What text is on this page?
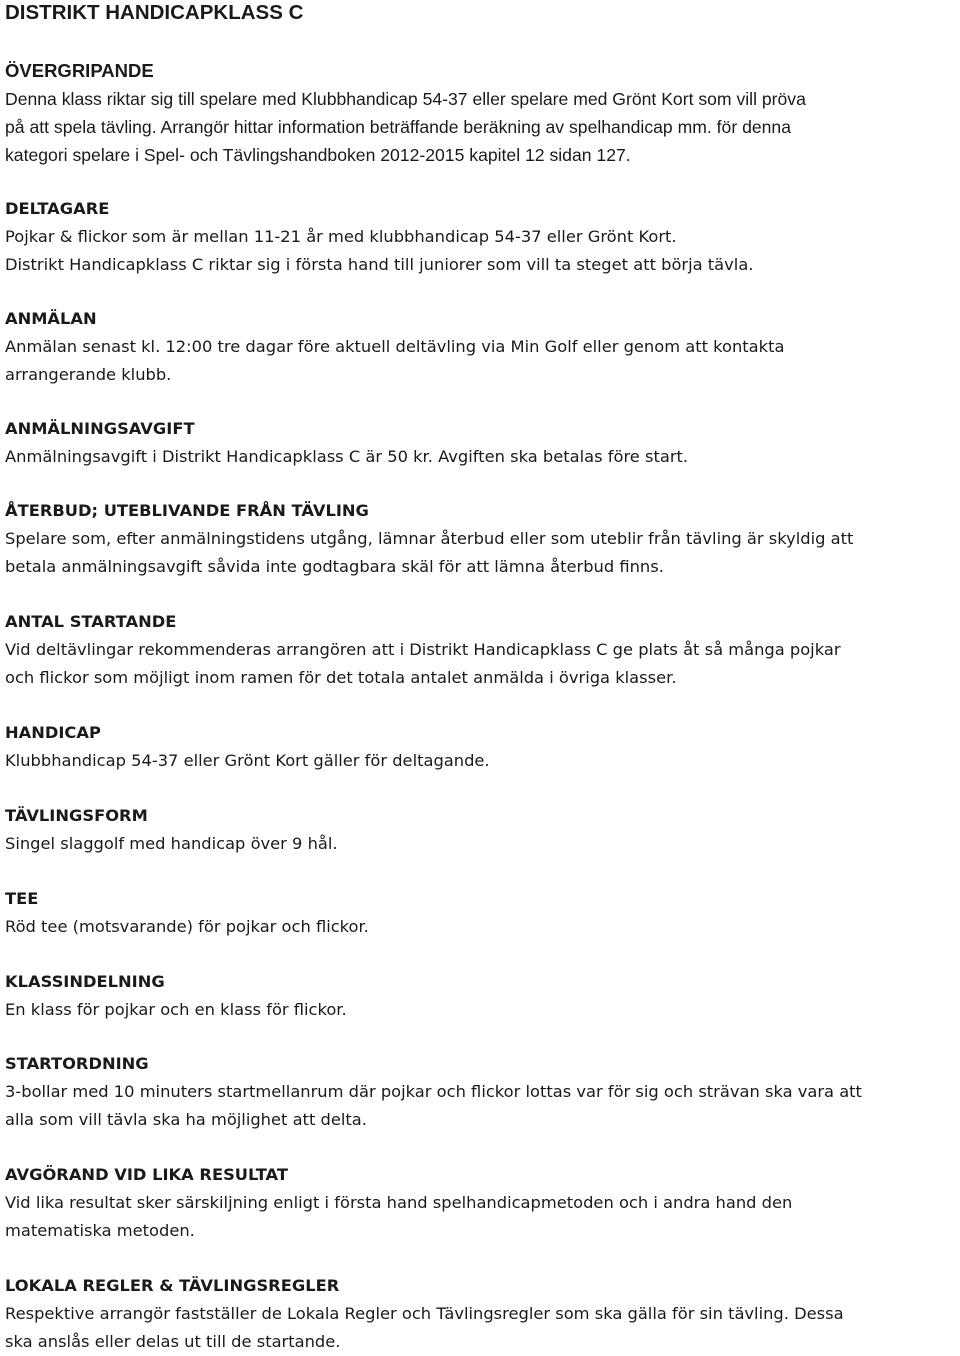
DISTRIKT HANDICAPKLASS C
ÖVERGRIPANDE

Denna klass riktar sig till spelare med Klubbhandicap 54-37 eller spelare med Grönt Kort som vill pröva
på att spela tävling. Arrangör hittar information beträffande beräkning av spelhandicap mm. för denna
kategori spelare i Spel- och Tävlingshandboken 2012-2015 kapitel 12 sidan 127.

DELTAGARE

Pojkar & flickor som är mellan 11-21 år med klubbhandicap 54-37 eller Grönt Kort.
Distrikt Handicapklass C riktar sig i första hand till juniorer som vill ta steget att börja tävla.

ANMÄLAN

Anmälan senast kl. 12:00 tre dagar före aktuell deltävling via Min Golf eller genom att kontakta
arrangerande klubb.

ANMÄLNINGSAVGIFT

Anmälningsavgift i Distrikt Handicapklass C är 50 kr. Avgiften ska betalas före start.

ÅTERBUD; UTEBLIVANDE FRÅN TÄVLING

Spelare som, efter anmälningstidens utgång, lämnar återbud eller som uteblir från tävling är skyldig att
betala anmälningsavgift såvida inte godtagbara skäl för att lämna återbud finns.

ANTAL STARTANDE

Vid deltävlingar rekommenderas arrangören att i Distrikt Handicapklass C ge plats åt så många pojkar
och flickor som möjligt inom ramen för det totala antalet anmälda i övriga klasser.

HANDICAP

Klubbhandicap 54-37 eller Grönt Kort gäller för deltagande.

TÄVLINGSFORM

Singel slaggolf med handicap över 9 hål.

TEE

Röd tee (motsvarande) för pojkar och flickor.

KLASSINDELNING

En klass för pojkar och en klass för flickor.

STARTORDNING

3-bollar med 10 minuters startmellanrum där pojkar och flickor lottas var för sig och strävan ska vara att
alla som vill tävla ska ha möjlighet att delta.

AVGÖRAND VID LIKA RESULTAT

Vid lika resultat sker särskiljning enligt i första hand spelhandicapmetoden och i andra hand den
matematiska metoden.

LOKALA REGLER & TÄVLINGSREGLER

Respektive arrangör fastställer de Lokala Regler och Tävlingsregler som ska gälla för sin tävling. Dessa
ska anslås eller delas ut till de startande.
